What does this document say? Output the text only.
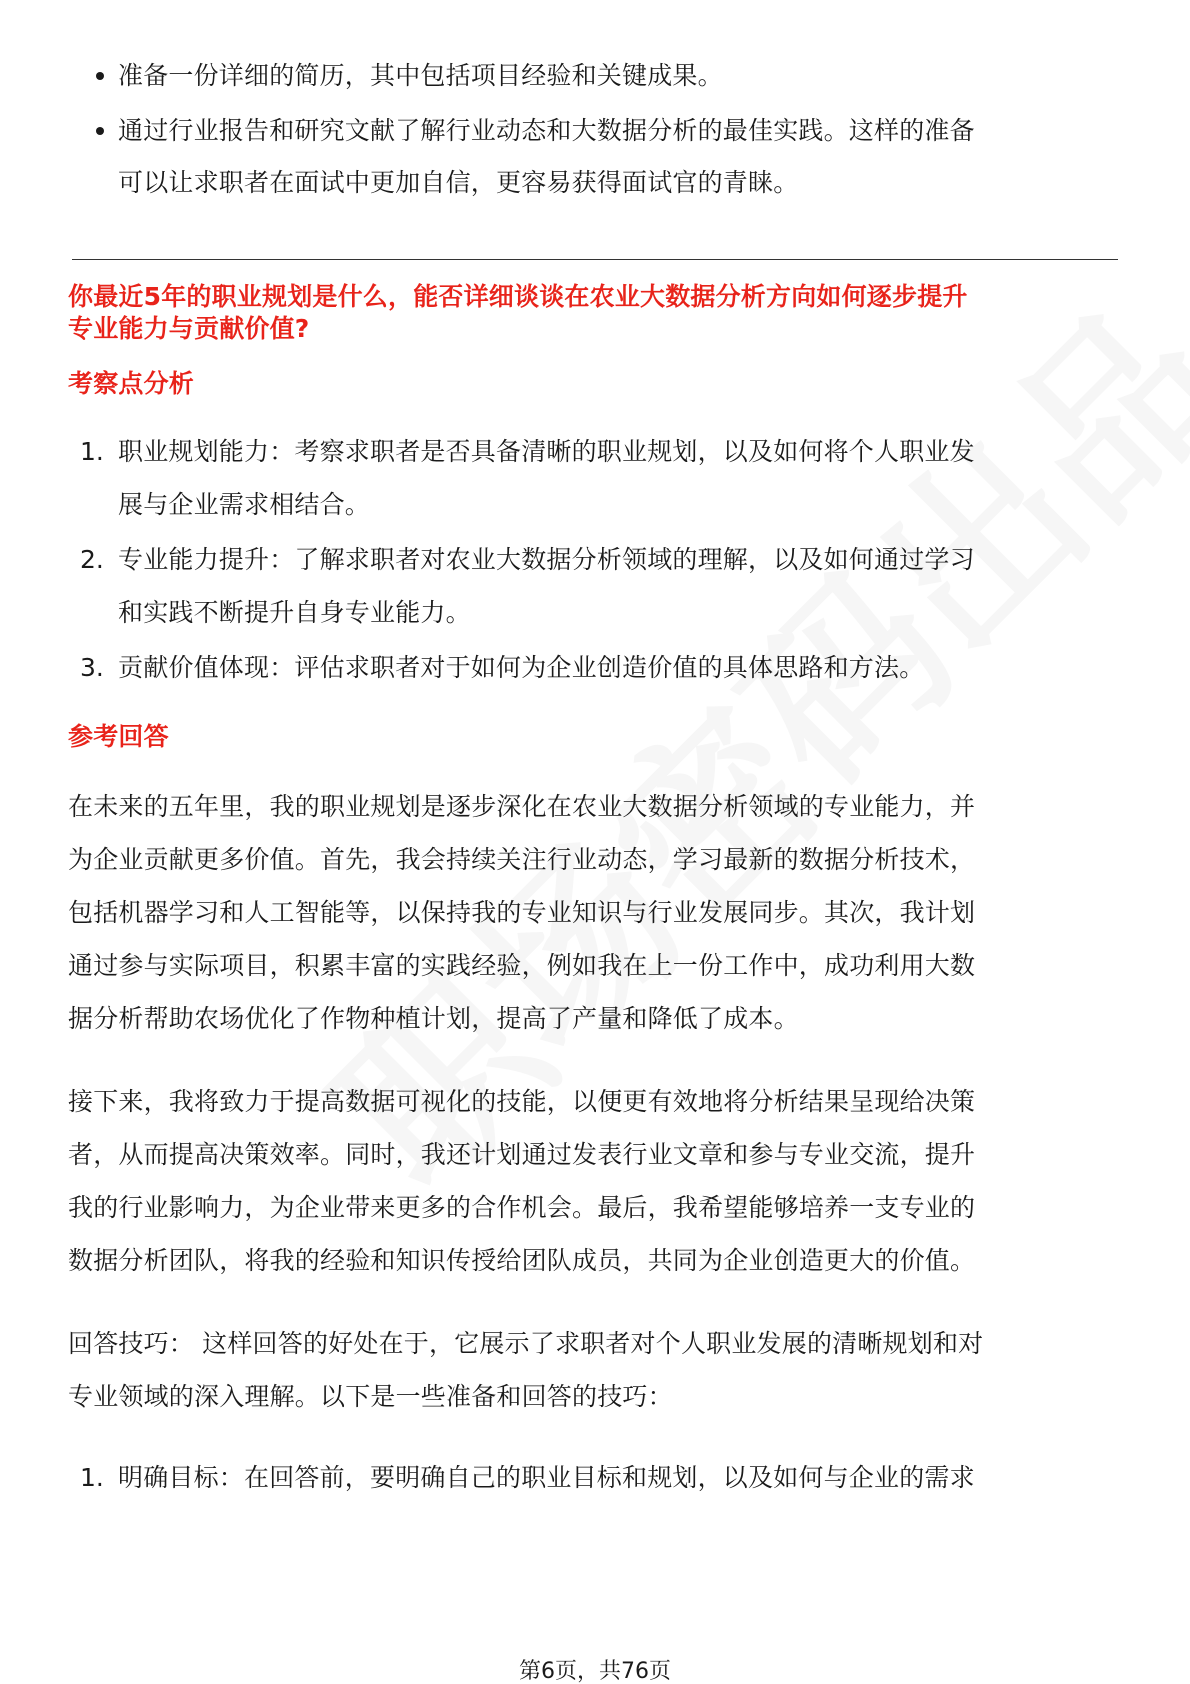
准备一份详细的简历，其中包括项目经验和关键成果。
通过行业报告和研究文献了解行业动态和大数据分析的最佳实践。这样的准备
可以让求职者在面试中更加自信，更容易获得面试官的青睐。
你最近5年的职业规划是什么，能否详细谈谈在农业大数据分析方向如何逐步提升
专业能力与贡献价值?
考察点分析
1. 职业规划能力：考察求职者是否具备清晰的职业规划，以及如何将个人职业发
展与企业需求相结合。
2. 专业能力提升：了解求职者对农业大数据分析领域的理解，以及如何通过学习
和实践不断提升自身专业能力。
3. 贡献价值体现：评估求职者对于如何为企业创造价值的具体思路和方法。
参考回答
在未来的五年里，我的职业规划是逐步深化在农业大数据分析领域的专业能力，并
为企业贡献更多价值。首先，我会持续关注行业动态，学习最新的数据分析技术，
包括机器学习和人工智能等，以保持我的专业知识与行业发展同步。其次，我计划
通过参与实际项目，积累丰富的实践经验，例如我在上一份工作中，成功利用大数
据分析帮助农场优化了作物种植计划，提高了产量和降低了成本。
接下来，我将致力于提高数据可视化的技能，以便更有效地将分析结果呈现给决策
者，从而提高决策效率。同时，我还计划通过发表行业文章和参与专业交流，提升
我的行业影响力，为企业带来更多的合作机会。最后，我希望能够培养一支专业的
数据分析团队，将我的经验和知识传授给团队成员，共同为企业创造更大的价值。
回答技巧： 这样回答的好处在于，它展示了求职者对个人职业发展的清晰规划和对
专业领域的深入理解。以下是一些准备和回答的技巧：
1. 明确目标：在回答前，要明确自己的职业目标和规划，以及如何与企业的需求
第6页，共76页
